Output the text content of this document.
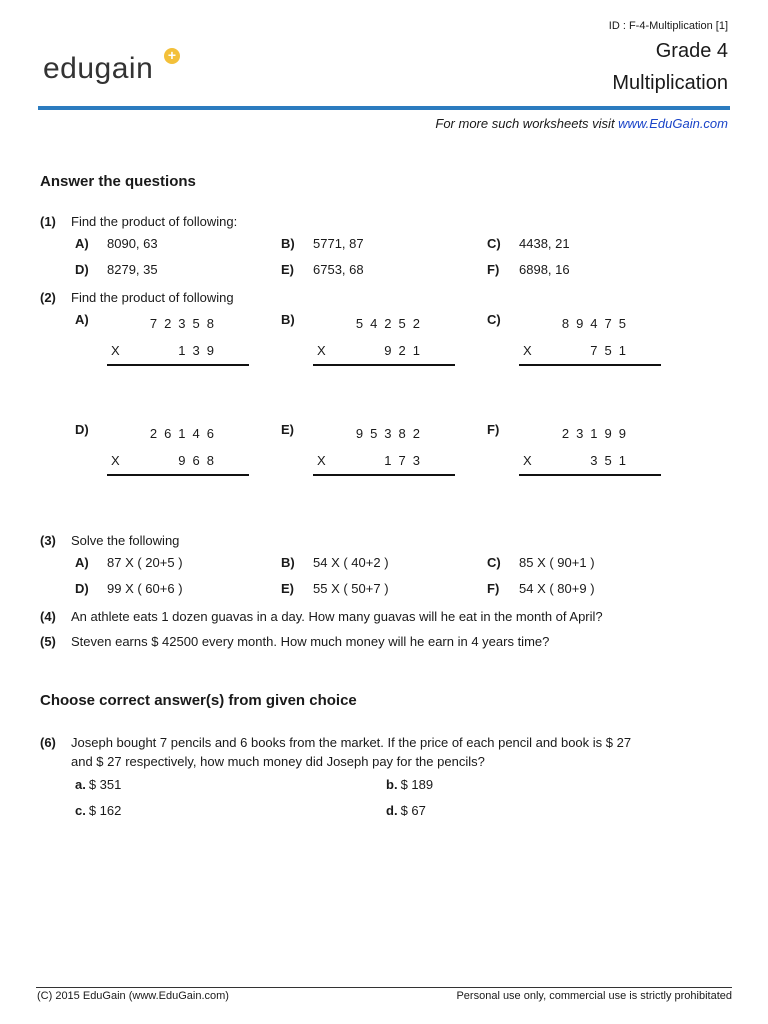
ID : F-4-Multiplication [1]
Grade 4
Multiplication
edugain +
For more such worksheets visit www.EduGain.com
Answer the questions
(1) Find the product of following:
A) 8090, 63	B) 5771, 87	C) 4438, 21
D) 8279, 35	E) 6753, 68	F) 6898, 16
(2) Find the product of following
A)	72358
X	139
B)	54252
X	921
C)	89475
X	751
D)	26146
X	968
E)	95382
X	173
F)	23199
X	351
(3) Solve the following
A) 87 X ( 20+5 )	B) 54 X ( 40+2 )	C) 85 X ( 90+1 )
D) 99 X ( 60+6 )	E) 55 X ( 50+7 )	F) 54 X ( 80+9 )
(4) An athlete eats 1 dozen guavas in a day. How many guavas will he eat in the month of April?
(5) Steven earns $ 42500 every month. How much money will he earn in 4 years time?
Choose correct answer(s) from given choice
(6) Joseph bought 7 pencils and 6 books from the market. If the price of each pencil and book is $ 27
and $ 27 respectively, how much money did Joseph pay for the pencils?
a. $ 351	b. $ 189
c. $ 162	d. $ 67
(C) 2015 EduGain (www.EduGain.com)	Personal use only, commercial use is strictly prohibitated
